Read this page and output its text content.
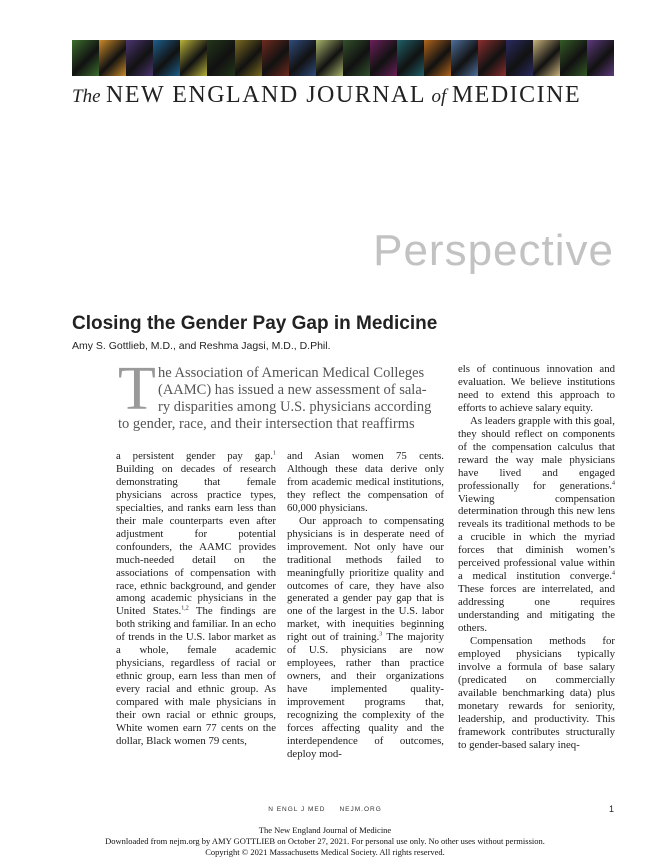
The NEW ENGLAND JOURNAL of MEDICINE
Perspective
Closing the Gender Pay Gap in Medicine
Amy S. Gottlieb, M.D., and Reshma Jagsi, M.D., D.Phil.
T he Association of American Medical Colleges
(AAMC) has issued a new assessment of sala-
ry disparities among U.S. physicians according
to gender, race, and their intersection that reaffirms

a persistent gender pay gap.$^1$ Building on decades of research demonstrating that female physicians across practice types, specialties, and ranks earn less than their male counterparts even after adjustment for potential confounders, the AAMC provides much-needed detail on the associations of compensation with race, ethnic background, and gender among academic physicians in the United States.$^{1,2}$ The findings are both striking and familiar. In an echo of trends in the U.S. labor market as a whole, female academic physicians, regardless of racial or ethnic group, earn less than men of every racial and ethnic group. As compared with male physicians in their own racial or ethnic groups, White women earn 77 cents on the dollar, Black women 79 cents,

and Asian women 75 cents. Although these data derive only from academic medical institutions, they reflect the compensation of 60,000 physicians.

Our approach to compensating physicians is in desperate need of improvement. Not only have our traditional methods failed to meaningfully prioritize quality and outcomes of care, they have also generated a gender pay gap that is one of the largest in the U.S. labor market, with inequities beginning right out of training.$^3$ The majority of U.S. physicians are now employees, rather than practice owners, and their organizations have implemented quality-improvement programs that, recognizing the complexity of the forces affecting quality and the interdependence of outcomes, deploy mod-

els of continuous innovation and evaluation. We believe institutions need to extend this approach to efforts to achieve salary equity.

As leaders grapple with this goal, they should reflect on components of the compensation calculus that reward the way male physicians have lived and engaged professionally for generations.$^4$ Viewing compensation determination through this new lens reveals its traditional methods to be a crucible in which the myriad forces that diminish women’s perceived professional value within a medical institution converge.$^4$ These forces are interrelated, and addressing one requires understanding and mitigating the others.

Compensation methods for employed physicians typically involve a formula of base salary (predicated on commercially available benchmarking data) plus monetary rewards for seniority, leadership, and productivity. This framework contributes structurally to gender-based salary ineq-

N ENGL J MED NEJM.ORG	1
The New England Journal of Medicine
Downloaded from nejm.org by AMY GOTTLIEB on October 27, 2021. For personal use only. No other uses without permission.
Copyright © 2021 Massachusetts Medical Society. All rights reserved.
